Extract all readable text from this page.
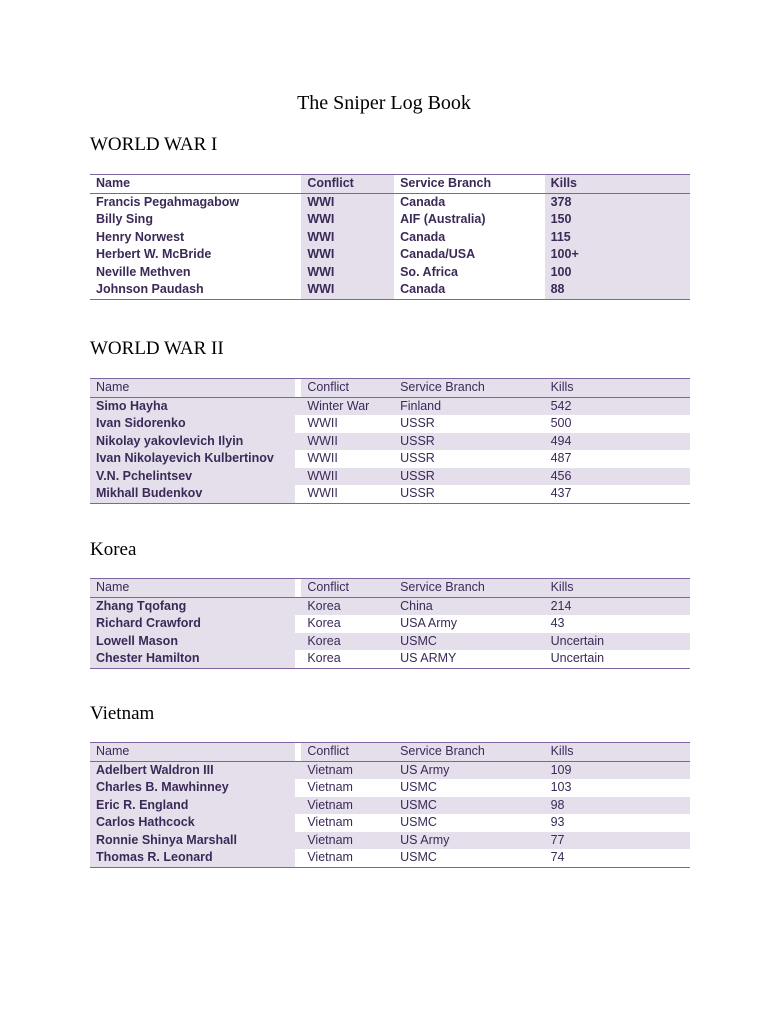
The Sniper Log Book
WORLD WAR I
Name		Conflict	Service Branch	Kills
Francis Pegahmagabow		WWI	Canada	378
Billy Sing		WWI	AIF (Australia)	150
Henry Norwest		WWI	Canada	115
Herbert W. McBride		WWI	Canada/USA	100+
Neville Methven		WWI	So. Africa	100
Johnson Paudash		WWI	Canada	88
WORLD WAR II
Name		Conflict	Service Branch	Kills
Simo Hayha		Winter War	Finland	542
Ivan Sidorenko		WWII	USSR	500
Nikolay yakovlevich Ilyin		WWII	USSR	494
Ivan Nikolayevich Kulbertinov		WWII	USSR	487
V.N. Pchelintsev		WWII	USSR	456
Mikhall Budenkov		WWII	USSR	437
Korea
Name		Conflict	Service Branch	Kills
Zhang Tqofang		Korea	China	214
Richard Crawford		Korea	USA Army	43
Lowell Mason		Korea	USMC	Uncertain
Chester Hamilton		Korea	US ARMY	Uncertain
Vietnam
Name		Conflict	Service Branch	Kills
Adelbert Waldron III		Vietnam	US Army	109
Charles B. Mawhinney		Vietnam	USMC	103
Eric R. England		Vietnam	USMC	98
Carlos Hathcock		Vietnam	USMC	93
Ronnie Shinya Marshall		Vietnam	US Army	77
Thomas R. Leonard		Vietnam	USMC	74
